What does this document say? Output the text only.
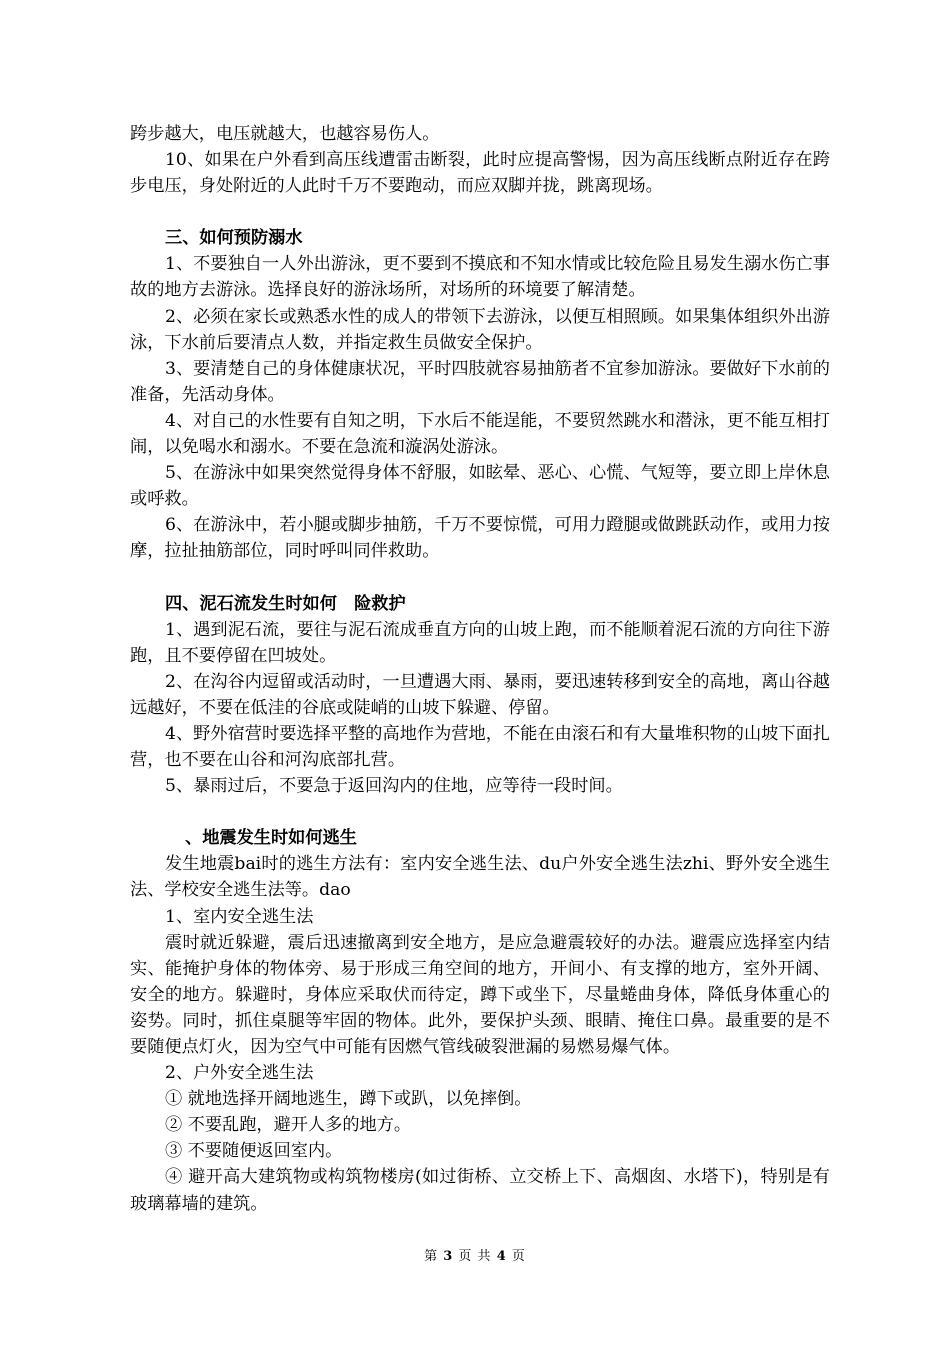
跨步越大，电压就越大，也越容易伤人。

10、如果在户外看到高压线遭雷击断裂，此时应提高警惕，因为高压线断点附近存在跨步电压，身处附近的人此时千万不要跑动，而应双脚并拢，跳离现场。

三、如何预防溺水

1、不要独自一人外出游泳，更不要到不摸底和不知水情或比较危险且易发生溺水伤亡事故的地方去游泳。选择良好的游泳场所，对场所的环境要了解清楚。

2、必须在家长或熟悉水性的成人的带领下去游泳，以便互相照顾。如果集体组织外出游泳，下水前后要清点人数，并指定救生员做安全保护。

3、要清楚自己的身体健康状况，平时四肢就容易抽筋者不宜参加游泳。要做好下水前的准备，先活动身体。

4、对自己的水性要有自知之明，下水后不能逞能，不要贸然跳水和潜泳，更不能互相打闹，以免喝水和溺水。不要在急流和漩涡处游泳。

5、在游泳中如果突然觉得身体不舒服，如眩晕、恶心、心慌、气短等，要立即上岸休息或呼救。

6、在游泳中，若小腿或脚步抽筋，千万不要惊慌，可用力蹬腿或做跳跃动作，或用力按摩，拉扯抽筋部位，同时呼叫同伴救助。

四、泥石流发生时如何　险救护

1、遇到泥石流，要往与泥石流成垂直方向的山坡上跑，而不能顺着泥石流的方向往下游跑，且不要停留在凹坡处。

2、在沟谷内逗留或活动时，一旦遭遇大雨、暴雨，要迅速转移到安全的高地，离山谷越远越好，不要在低洼的谷底或陡峭的山坡下躲避、停留。

4、野外宿营时要选择平整的高地作为营地，不能在由滚石和有大量堆积物的山坡下面扎营，也不要在山谷和河沟底部扎营。

5、暴雨过后，不要急于返回沟内的住地，应等待一段时间。

、地震发生时如何逃生

发生地震bai时的逃生方法有：室内安全逃生法、du户外安全逃生法zhi、野外安全逃生法、学校安全逃生法等。dao

1、室内安全逃生法

震时就近躲避，震后迅速撤离到安全地方，是应急避震较好的办法。避震应选择室内结实、能掩护身体的物体旁、易于形成三角空间的地方，开间小、有支撑的地方，室外开阔、安全的地方。躲避时，身体应采取伏而待定，蹲下或坐下，尽量蜷曲身体，降低身体重心的姿势。同时，抓住桌腿等牢固的物体。此外，要保护头颈、眼睛、掩住口鼻。最重要的是不要随便点灯火，因为空气中可能有因燃气管线破裂泄漏的易燃易爆气体。

2、户外安全逃生法

① 就地选择开阔地逃生，蹲下或趴，以免摔倒。

② 不要乱跑，避开人多的地方。

③ 不要随便返回室内。

④ 避开高大建筑物或构筑物楼房(如过街桥、立交桥上下、高烟囱、水塔下)，特别是有玻璃幕墙的建筑。

第 3 页 共 4 页
